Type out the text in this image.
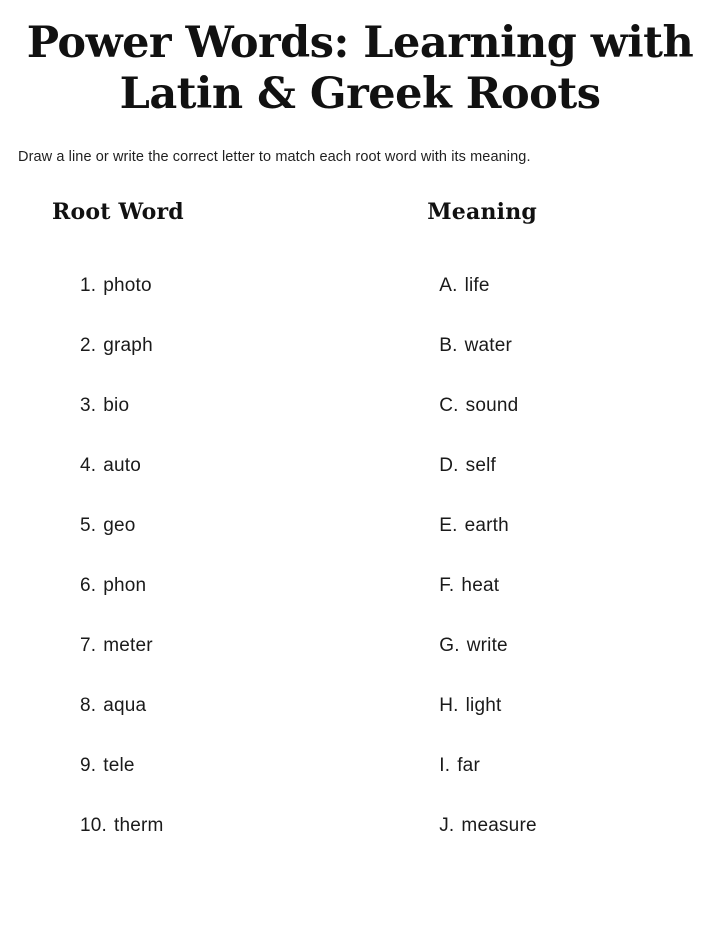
Power Words: Learning with Latin & Greek Roots

Draw a line or write the correct letter to match each root word with its meaning.

Root Word
1. photo
2. graph
3. bio
4. auto
5. geo
6. phon
7. meter
8. aqua
9. tele
10. therm
Meaning
A. life
B. water
C. sound
D. self
E. earth
F. heat
G. write
H. light
I. far
J. measure
